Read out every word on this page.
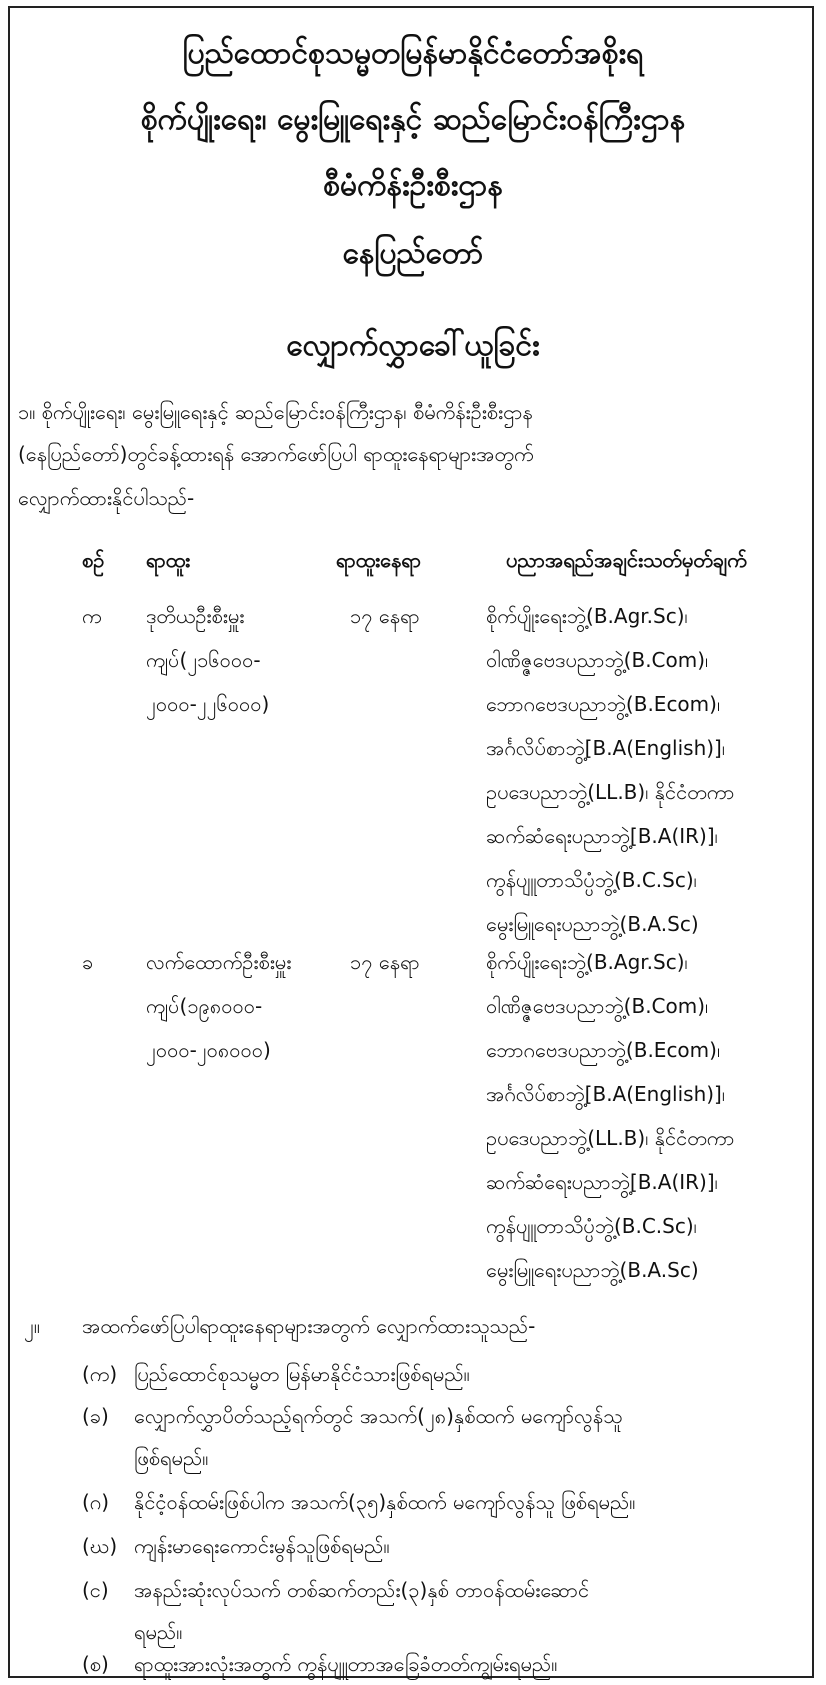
ပြည်ထောင်စုသမ္မတမြန်မာနိုင်ငံတော်အစိုးရ
စိုက်ပျိုးရေး၊ မွေးမြူရေးနှင့် ဆည်မြောင်းဝန်ကြီးဌာန
စီမံကိန်းဦးစီးဌာန
နေပြည်တော်
လျှောက်လွှာခေါ်ယူခြင်း
၁။ စိုက်ပျိုးရေး၊ မွေးမြူရေးနှင့် ဆည်မြောင်းဝန်ကြီးဌာန၊ စီမံကိန်းဦးစီးဌာန
(နေပြည်တော်)တွင်ခန့်ထားရန် အောက်ဖော်ပြပါ ရာထူးနေရာများအတွက်
လျှောက်ထားနိုင်ပါသည်-
စဉ် ရာထူး	ရာထူးနေရာ	ပညာအရည်အချင်းသတ်မှတ်ချက်
က ဒုတိယဦးစီးမှူး
ကျပ်(၂၁၆၀၀၀-
၂၀၀၀-၂၂၆၀၀၀)
၁၇ နေရာ	စိုက်ပျိုးရေးဘွဲ့(B.Agr.Sc)၊
ဝါဏိဇ္ဇဗေဒပညာဘွဲ့(B.Com)၊
ဘောဂဗေဒပညာဘွဲ့(B.Ecom)၊
အင်္ဂလိပ်စာဘွဲ့[B.A(English)]၊
ဥပဒေပညာဘွဲ့(LL.B)၊ နိုင်ငံတကာ
ဆက်ဆံရေးပညာဘွဲ့[B.A(IR)]၊
ကွန်ပျူတာသိပ္ပံဘွဲ့(B.C.Sc)၊
မွေးမြူရေးပညာဘွဲ့(B.A.Sc)
ခ	လက်ထောက်ဦးစီးမှူး
ကျပ်(၁၉၈၀၀၀-
၂၀၀၀-၂၀၈၀၀၀)
၁၇ နေရာ	စိုက်ပျိုးရေးဘွဲ့(B.Agr.Sc)၊
ဝါဏိဇ္ဇဗေဒပညာဘွဲ့(B.Com)၊
ဘောဂဗေဒပညာဘွဲ့(B.Ecom)၊
အင်္ဂလိပ်စာဘွဲ့[B.A(English)]၊
ဥပဒေပညာဘွဲ့(LL.B)၊ နိုင်ငံတကာ
ဆက်ဆံရေးပညာဘွဲ့[B.A(IR)]၊
ကွန်ပျူတာသိပ္ပံဘွဲ့(B.C.Sc)၊
မွေးမြူရေးပညာဘွဲ့(B.A.Sc)
၂။ အထက်ဖော်ပြပါရာထူးနေရာများအတွက် လျှောက်ထားသူသည်-
(က) ပြည်ထောင်စုသမ္မတ မြန်မာနိုင်ငံသားဖြစ်ရမည်။
(ခ) လျှောက်လွှာပိတ်သည့်ရက်တွင် အသက်(၂၈)နှစ်ထက် မကျော်လွန်သူ
ဖြစ်ရမည်။
(ဂ) နိုင်ငံ့ဝန်ထမ်းဖြစ်ပါက အသက်(၃၅)နှစ်ထက် မကျော်လွန်သူ ဖြစ်ရမည်။
(ဃ) ကျန်းမာရေးကောင်းမွန်သူဖြစ်ရမည်။
(င) အနည်းဆုံးလုပ်သက် တစ်ဆက်တည်း(၃)နှစ် တာဝန်ထမ်းဆောင်
ရမည်။
(စ) ရာထူးအားလုံးအတွက် ကွန်ပျူတာအခြေခံတတ်ကျွမ်းရမည်။
